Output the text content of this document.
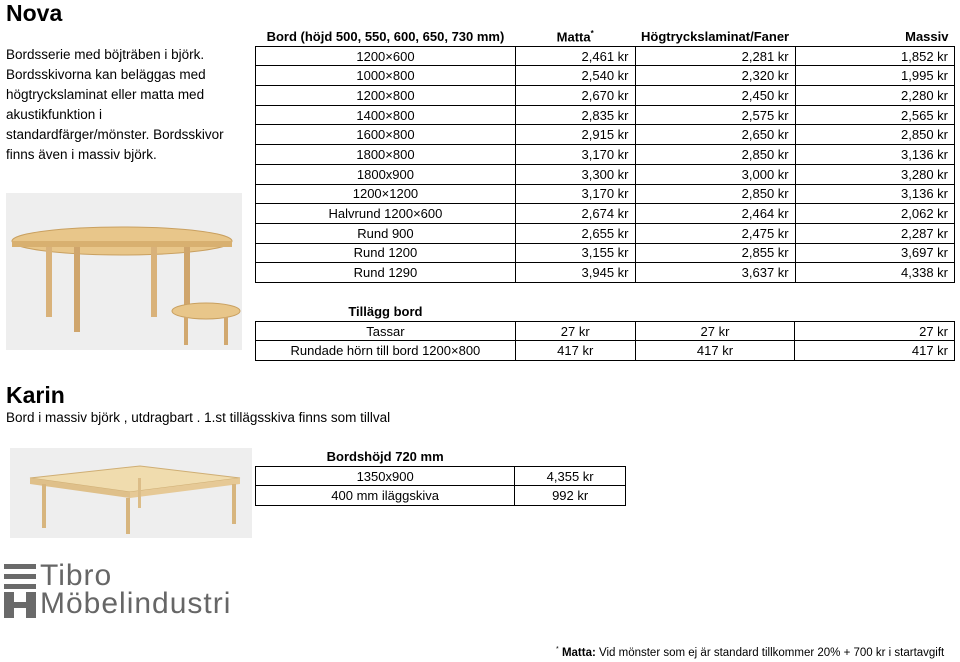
Nova
Bordsserie med böjträben i björk. Bordsskivorna kan beläggas med högtryckslaminat eller matta med akustikfunktion i standardfärger/mönster. Bordsskivor finns även i massiv björk.
Bord (höjd 500, 550, 600, 650, 730 mm)	Matta*	Högtryckslaminat/Faner	Massiv
1200×600	2,461 kr	2,281 kr	1,852 kr
1000×800	2,540 kr	2,320 kr	1,995 kr
1200×800	2,670 kr	2,450 kr	2,280 kr
1400×800	2,835 kr	2,575 kr	2,565 kr
1600×800	2,915 kr	2,650 kr	2,850 kr
1800×800	3,170 kr	2,850 kr	3,136 kr
1800x900	3,300 kr	3,000 kr	3,280 kr
1200×1200	3,170 kr	2,850 kr	3,136 kr
Halvrund 1200×600	2,674 kr	2,464 kr	2,062 kr
Rund 900	2,655 kr	2,475 kr	2,287 kr
Rund 1200	3,155 kr	2,855 kr	3,697 kr
Rund 1290	3,945 kr	3,637 kr	4,338 kr
Tillägg bord			
Tassar	27 kr	27 kr	27 kr
Rundade hörn till bord 1200×800	417 kr	417 kr	417 kr
Karin
Bord i massiv björk , utdragbart . 1.st tillägsskiva finns som tillval
Bordshöjd 720 mm	
1350x900	4,355 kr
400 mm iläggskiva	992 kr
Tibro
Möbelindustri
* Matta: Vid mönster som ej är standard tillkommer 20% + 700 kr i startavgift
